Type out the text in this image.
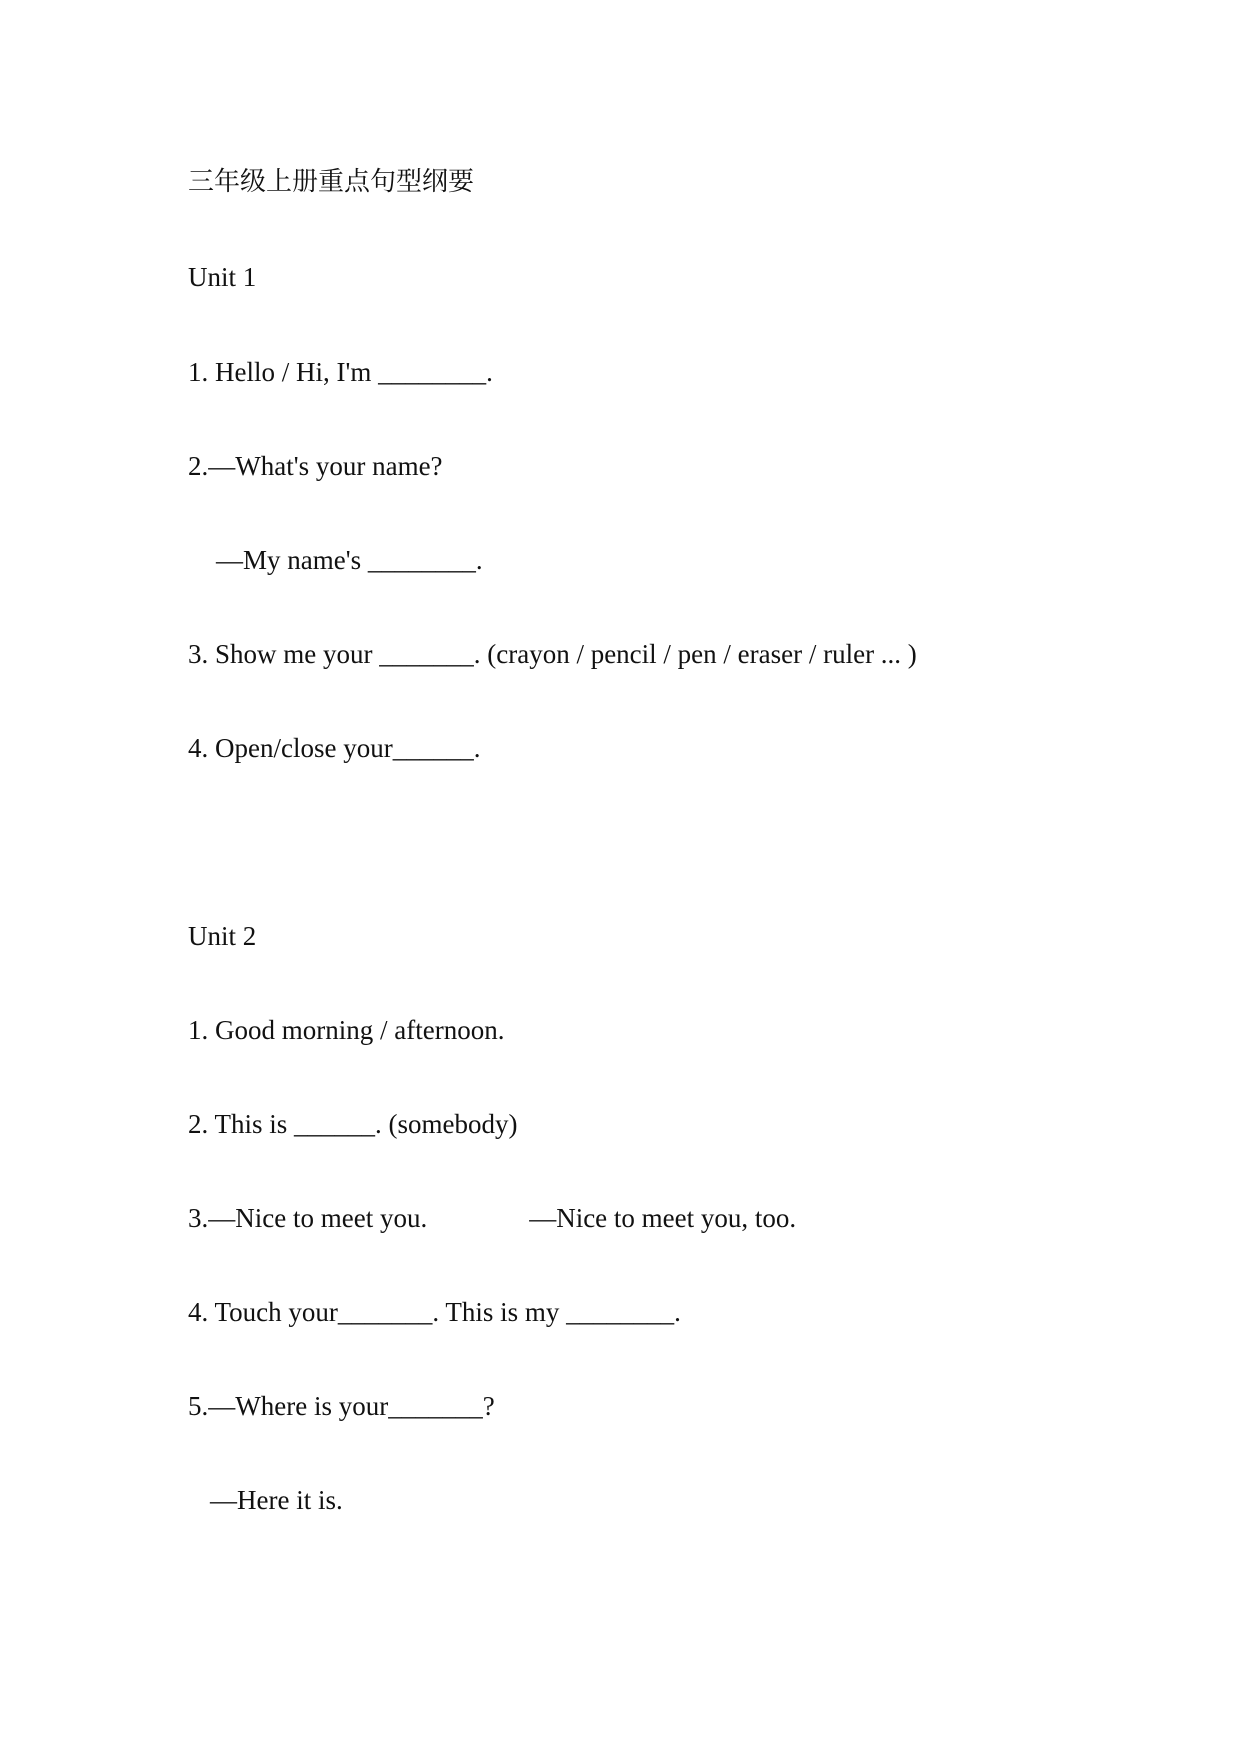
三年级上册重点句型纲要
Unit 1
1. Hello / Hi, I'm ________.
2.—What's your name?
—My name's ________.
3. Show me your _______. (crayon / pencil / pen / eraser / ruler ... )
4. Open/close your______.
Unit 2
1. Good morning / afternoon.
2. This is ______. (somebody)
3.—Nice to meet you.	—Nice to meet you, too.
4. Touch your_______. This is my ________.
5.—Where is your_______?
—Here it is.
